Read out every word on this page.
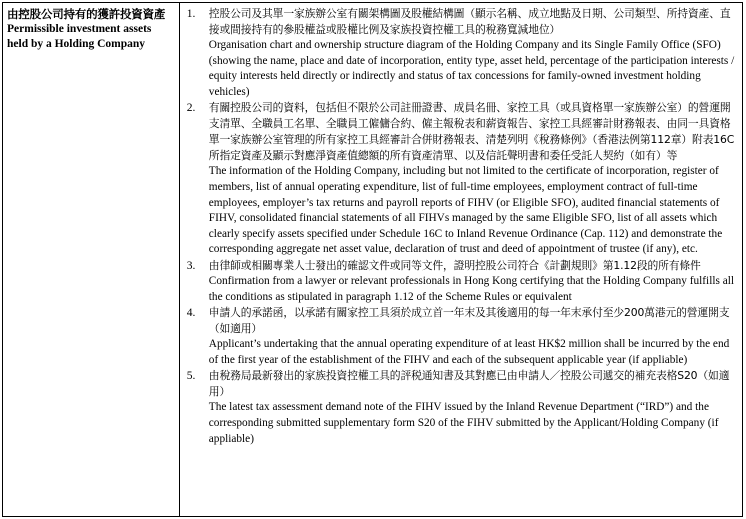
由控股公司持有的獲許投資資產
Permissible investment assets held by a Holding Company

1.	控股公司及其單一家族辦公室有關架構圖及股權結構圖（顯示名稱、成立地點及日期、公司類型、所持資產、直接或間接持有的參股權益或股權比例及家族投資控權工具的稅務寬減地位）
Organisation chart and ownership structure diagram of the Holding Company and its Single Family Office (SFO) (showing the name, place and date of incorporation, entity type, asset held, percentage of the participation interests / equity interests held directly or indirectly and status of tax concessions for family-owned investment holding vehicles)
2.	有關控股公司的資料，包括但不限於公司註冊證書、成員名冊、家控工具（或具資格單一家族辦公室）的營運開支清單、全職員工名單、全職員工僱傭合約、僱主報稅表和薪資報告、家控工具經審計財務報表、由同一具資格單一家族辦公室管理的所有家控工具經審計合併財務報表、清楚列明《稅務條例》（香港法例第112章）附表16C所指定資產及顯示對應淨資產值總額的所有資產清單、以及信託聲明書和委任受託人契約（如有）等
The information of the Holding Company, including but not limited to the certificate of incorporation, register of members, list of annual operating expenditure, list of full-time employees, employment contract of full-time employees, employer’s tax returns and payroll reports of FIHV (or Eligible SFO), audited financial statements of FIHV, consolidated financial statements of all FIHVs managed by the same Eligible SFO, list of all assets which clearly specify assets specified under Schedule 16C to Inland Revenue Ordinance (Cap. 112) and demonstrate the corresponding aggregate net asset value, declaration of trust and deed of appointment of trustee (if any), etc.
3.	由律師或相關專業人士發出的確認文件或同等文件，證明控股公司符合《計劃規則》第1.12段的所有條件
Confirmation from a lawyer or relevant professionals in Hong Kong certifying that the Holding Company fulfills all the conditions as stipulated in paragraph 1.12 of the Scheme Rules or equivalent
4.	申請人的承諾函，以承諾有關家控工具須於成立首一年末及其後適用的每一年末承付至少200萬港元的營運開支（如適用）
Applicant’s undertaking that the annual operating expenditure of at least HK$2 million shall be incurred by the end of the first year of the establishment of the FIHV and each of the subsequent applicable year (if appliable)
5.	由稅務局最新發出的家族投資控權工具的評税通知書及其對應已由申請人／控股公司遞交的補充表格S20（如適用）
The latest tax assessment demand note of the FIHV issued by the Inland Revenue Department (“IRD”) and the corresponding submitted supplementary form S20 of the FIHV submitted by the Applicant/Holding Company (if appliable)
